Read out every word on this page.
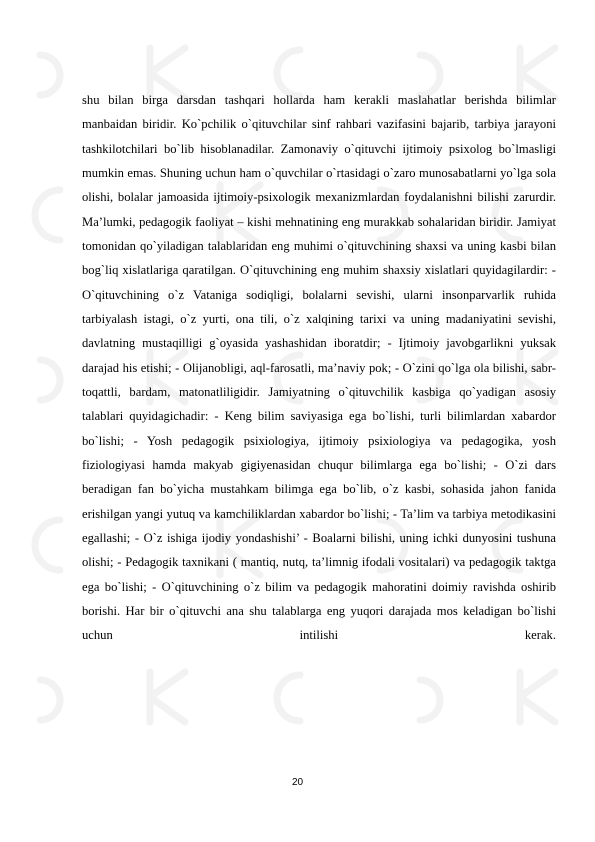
shu bilan birga darsdan tashqari hollarda ham kerakli maslahatlar berishda bilimlar manbaidan biridir. Ko`pchilik o`qituvchilar sinf rahbari vazifasini bajarib, tarbiya jarayoni tashkilotchilari bo`lib hisoblanadilar. Zamonaviy o`qituvchi ijtimoiy psixolog bo`lmasligi mumkin emas. Shuning uchun ham o`quvchilar o`rtasidagi o`zaro munosabatlarni yo`lga sola olishi, bolalar jamoasida ijtimoiy-psixologik mexanizmlardan foydalanishni bilishi zarurdir. Ma’lumki, pedagogik faoliyat – kishi mehnatining eng murakkab sohalaridan biridir. Jamiyat tomonidan qo`yiladigan talablaridan eng muhimi o`qituvchining shaxsi va uning kasbi bilan bog`liq xislatlariga qaratilgan. O`qituvchining eng muhim shaxsiy xislatlari quyidagilardir: - O`qituvchining o`z Vataniga sodiqligi, bolalarni sevishi, ularni insonparvarlik ruhida tarbiyalash istagi, o`z yurti, ona tili, o`z xalqining tarixi va uning madaniyatini sevishi, davlatning mustaqilligi g`oyasida yashashidan iboratdir; - Ijtimoiy javobgarlikni yuksak darajad his etishi; - Olijanobligi, aql-farosatli, ma’naviy pok; - O`zini qo`lga ola bilishi, sabr-toqattli, bardam, matonatliligidir. Jamiyatning o`qituvchilik kasbiga qo`yadigan asosiy talablari quyidagichadir: - Keng bilim saviyasiga ega bo`lishi, turli bilimlardan xabardor bo`lishi; - Yosh pedagogik psixiologiya, ijtimoiy psixiologiya va pedagogika, yosh fiziologiyasi hamda makyab gigiyenasidan chuqur bilimlarga ega bo`lishi; - O`zi dars beradigan fan bo`yicha mustahkam bilimga ega bo`lib, o`z kasbi, sohasida jahon fanida erishilgan yangi yutuq va kamchiliklardan xabardor bo`lishi; - Ta’lim va tarbiya metodikasini egallashi; - O`z ishiga ijodiy yondashishi’ - Boalarni bilishi, uning ichki dunyosini tushuna olishi; - Pedagogik taxnikani ( mantiq, nutq, ta’limnig ifodali vositalari) va pedagogik taktga ega bo`lishi; - O`qituvchining o`z bilim va pedagogik mahoratini doimiy ravishda oshirib borishi. Har bir o`qituvchi ana shu talablarga eng yuqori darajada mos keladigan bo`lishi uchun intilishi kerak.

20
